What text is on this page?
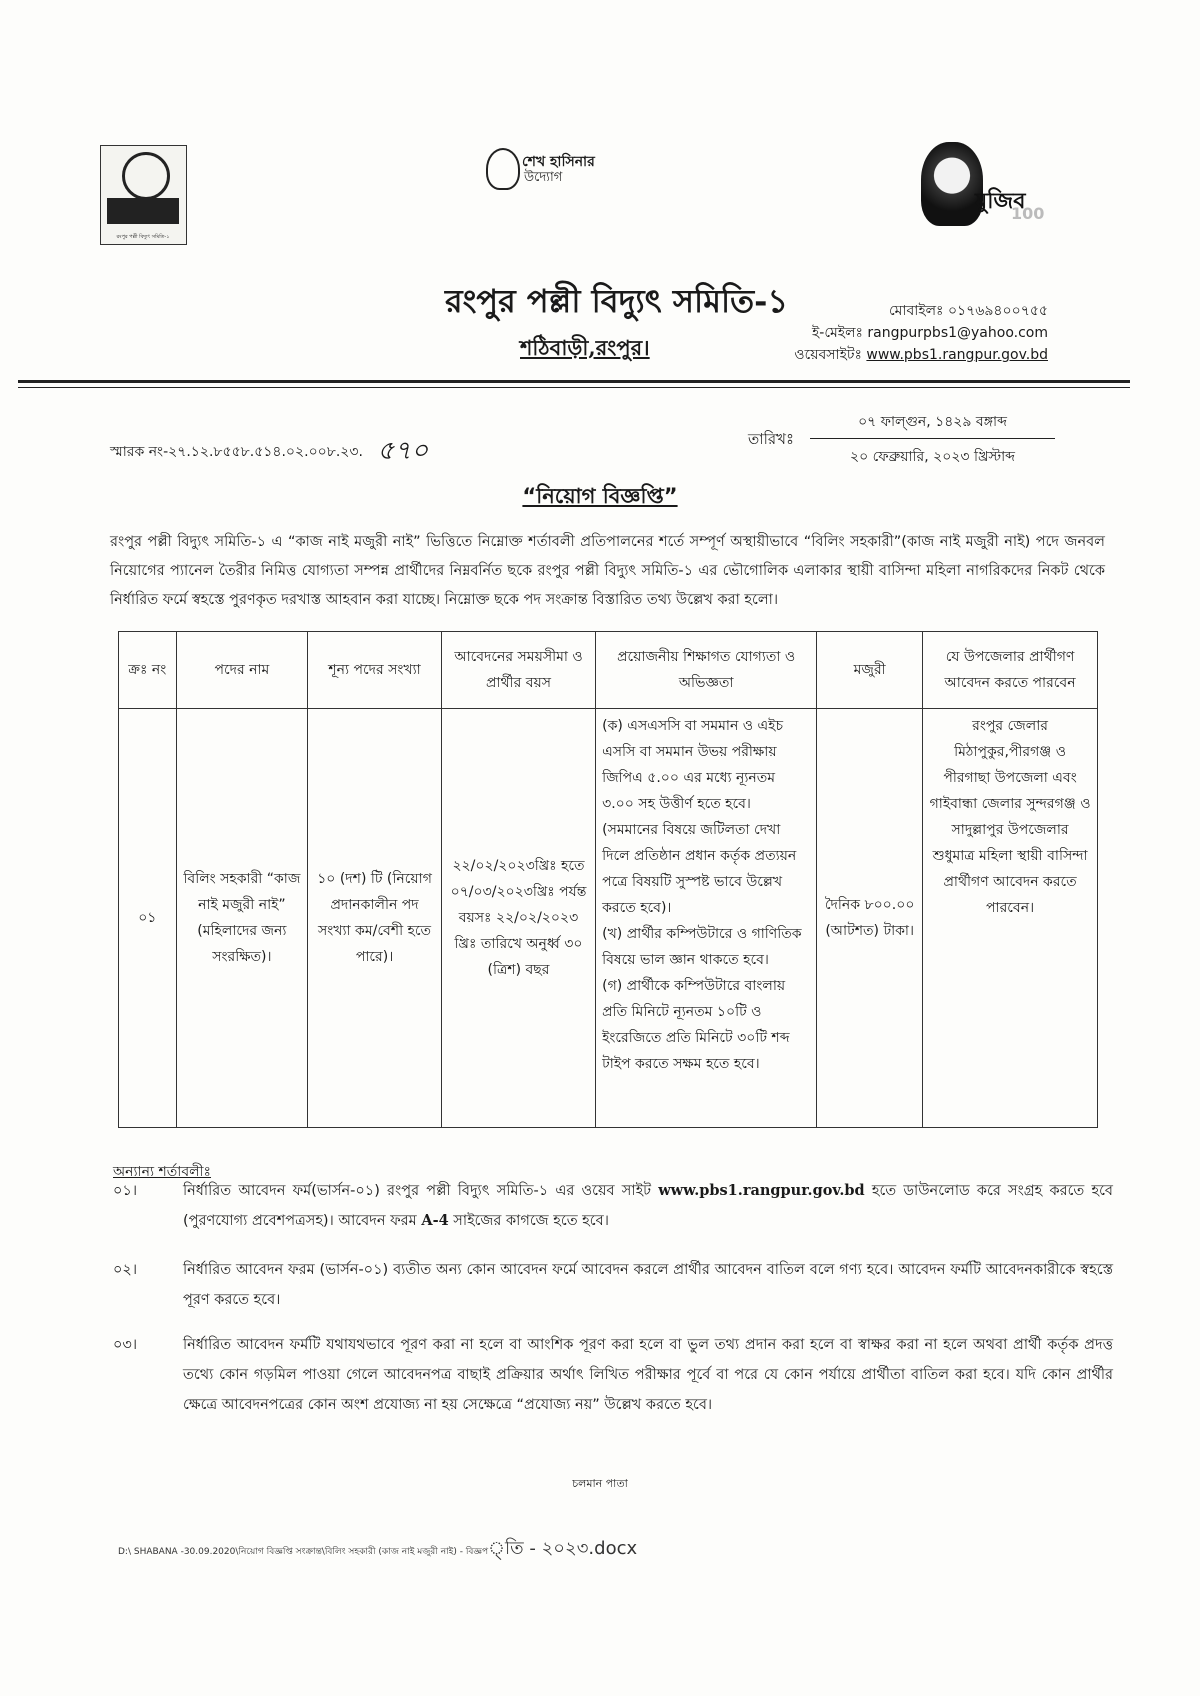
রংপুর পল্লী বিদ্যুৎ সমিতি-১
শেখ হাসিনার
উদ্যোগ
মুজিব
100
রংপুর পল্লী বিদ্যুৎ সমিতি-১
শঠিবাড়ী,রংপুর।
মোবাইলঃ ০১৭৬৯৪০০৭৫৫
ই-মেইলঃ rangpurpbs1@yahoo.com
ওয়েবসাইটঃ www.pbs1.rangpur.gov.bd
স্মারক নং-২৭.১২.৮৫৫৮.৫১৪.০২.০০৮.২৩. ৫৭০	তারিখঃ
০৭ ফাল্গুন, ১৪২৯ বঙ্গাব্দ
২০ ফেব্রুয়ারি, ২০২৩ খ্রিস্টাব্দ
“নিয়োগ বিজ্ঞপ্তি”
রংপুর পল্লী বিদ্যুৎ সমিতি-১ এ “কাজ নাই মজুরী নাই” ভিত্তিতে নিম্নোক্ত শর্তাবলী প্রতিপালনের শর্তে সম্পূর্ণ অস্থায়ীভাবে “বিলিং সহকারী”(কাজ নাই মজুরী নাই) পদে জনবল নিয়োগের প্যানেল তৈরীর নিমিত্ত যোগ্যতা সম্পন্ন প্রার্থীদের নিম্নবর্নিত ছকে রংপুর পল্লী বিদ্যুৎ সমিতি-১ এর ভৌগোলিক এলাকার স্থায়ী বাসিন্দা মহিলা নাগরিকদের নিকট থেকে নির্ধারিত ফর্মে স্বহস্তে পুরণকৃত দরখাস্ত আহবান করা যাচ্ছে। নিম্নোক্ত ছকে পদ সংক্রান্ত বিস্তারিত তথ্য উল্লেখ করা হলো।
ক্রঃ নং	পদের নাম	শূন্য পদের সংখ্যা	আবেদনের সময়সীমা ও প্রার্থীর বয়স	প্রয়োজনীয় শিক্ষাগত যোগ্যতা ও অভিজ্ঞতা	মজুরী	যে উপজেলার প্রার্থীগণ আবেদন করতে পারবেন
০১	বিলিং সহকারী “কাজ নাই মজুরী নাই” (মহিলাদের জন্য সংরক্ষিত)।	১০ (দশ) টি (নিয়োগ প্রদানকালীন পদ সংখ্যা কম/বেশী হতে পারে)।	২২/০২/২০২৩খ্রিঃ হতে ০৭/০৩/২০২৩খ্রিঃ পর্যন্ত বয়সঃ ২২/০২/২০২৩ খ্রিঃ তারিখে অনুর্ধ্ব ৩০ (ত্রিশ) বছর	(ক) এসএসসি বা সমমান ও এইচ এসসি বা সমমান উভয় পরীক্ষায় জিপিএ ৫.০০ এর মধ্যে ন্যূনতম ৩.০০ সহ উত্তীর্ণ হতে হবে। (সমমানের বিষয়ে জটিলতা দেখা দিলে প্রতিষ্ঠান প্রধান কর্তৃক প্রত্যয়ন পত্রে বিষয়টি সুস্পষ্ট ভাবে উল্লেখ করতে হবে)।
(খ) প্রার্থীর কম্পিউটারে ও গাণিতিক বিষয়ে ভাল জ্ঞান থাকতে হবে।
(গ) প্রার্থীকে কম্পিউটারে বাংলায় প্রতি মিনিটে ন্যূনতম ১০টি ও ইংরেজিতে প্রতি মিনিটে ৩০টি শব্দ টাইপ করতে সক্ষম হতে হবে।	দৈনিক ৮০০.০০ (আটশত) টাকা।	রংপুর জেলার মিঠাপুকুর,পীরগঞ্জ ও পীরগাছা উপজেলা এবং গাইবান্ধা জেলার সুন্দরগঞ্জ ও সাদুল্লাপুর উপজেলার শুধুমাত্র মহিলা স্থায়ী বাসিন্দা প্রার্থীগণ আবেদন করতে পারবেন।
অন্যান্য শর্তাবলীঃ
০১।	নির্ধারিত আবেদন ফর্ম(ভার্সন-০১) রংপুর পল্লী বিদ্যুৎ সমিতি-১ এর ওয়েব সাইট www.pbs1.rangpur.gov.bd হতে ডাউনলোড করে সংগ্রহ করতে হবে (পুরণযোগ্য প্রবেশপত্রসহ)। আবেদন ফরম A-4 সাইজের কাগজে হতে হবে।
০২।	নির্ধারিত আবেদন ফরম (ভার্সন-০১) ব্যতীত অন্য কোন আবেদন ফর্মে আবেদন করলে প্রার্থীর আবেদন বাতিল বলে গণ্য হবে। আবেদন ফর্মটি আবেদনকারীকে স্বহস্তে পূরণ করতে হবে।
০৩।	নির্ধারিত আবেদন ফর্মটি যথাযথভাবে পূরণ করা না হলে বা আংশিক পূরণ করা হলে বা ভুল তথ্য প্রদান করা হলে বা স্বাক্ষর করা না হলে অথবা প্রার্থী কর্তৃক প্রদত্ত তথ্যে কোন গড়মিল পাওয়া গেলে আবেদনপত্র বাছাই প্রক্রিয়ার অর্থাৎ লিখিত পরীক্ষার পূর্বে বা পরে যে কোন পর্যায়ে প্রার্থীতা বাতিল করা হবে। যদি কোন প্রার্থীর ক্ষেত্রে আবেদনপত্রের কোন অংশ প্রযোজ্য না হয় সেক্ষেত্রে “প্রযোজ্য নয়” উল্লেখ করতে হবে।
চলমান পাতা
D:\ SHABANA -30.09.2020\নিয়োগ বিজ্ঞপ্তি সংক্রান্ত\বিলিং সহকারী (কাজ নাই মজুরী নাই) - বিজ্ঞপ্তি - ২০২৩.docx
